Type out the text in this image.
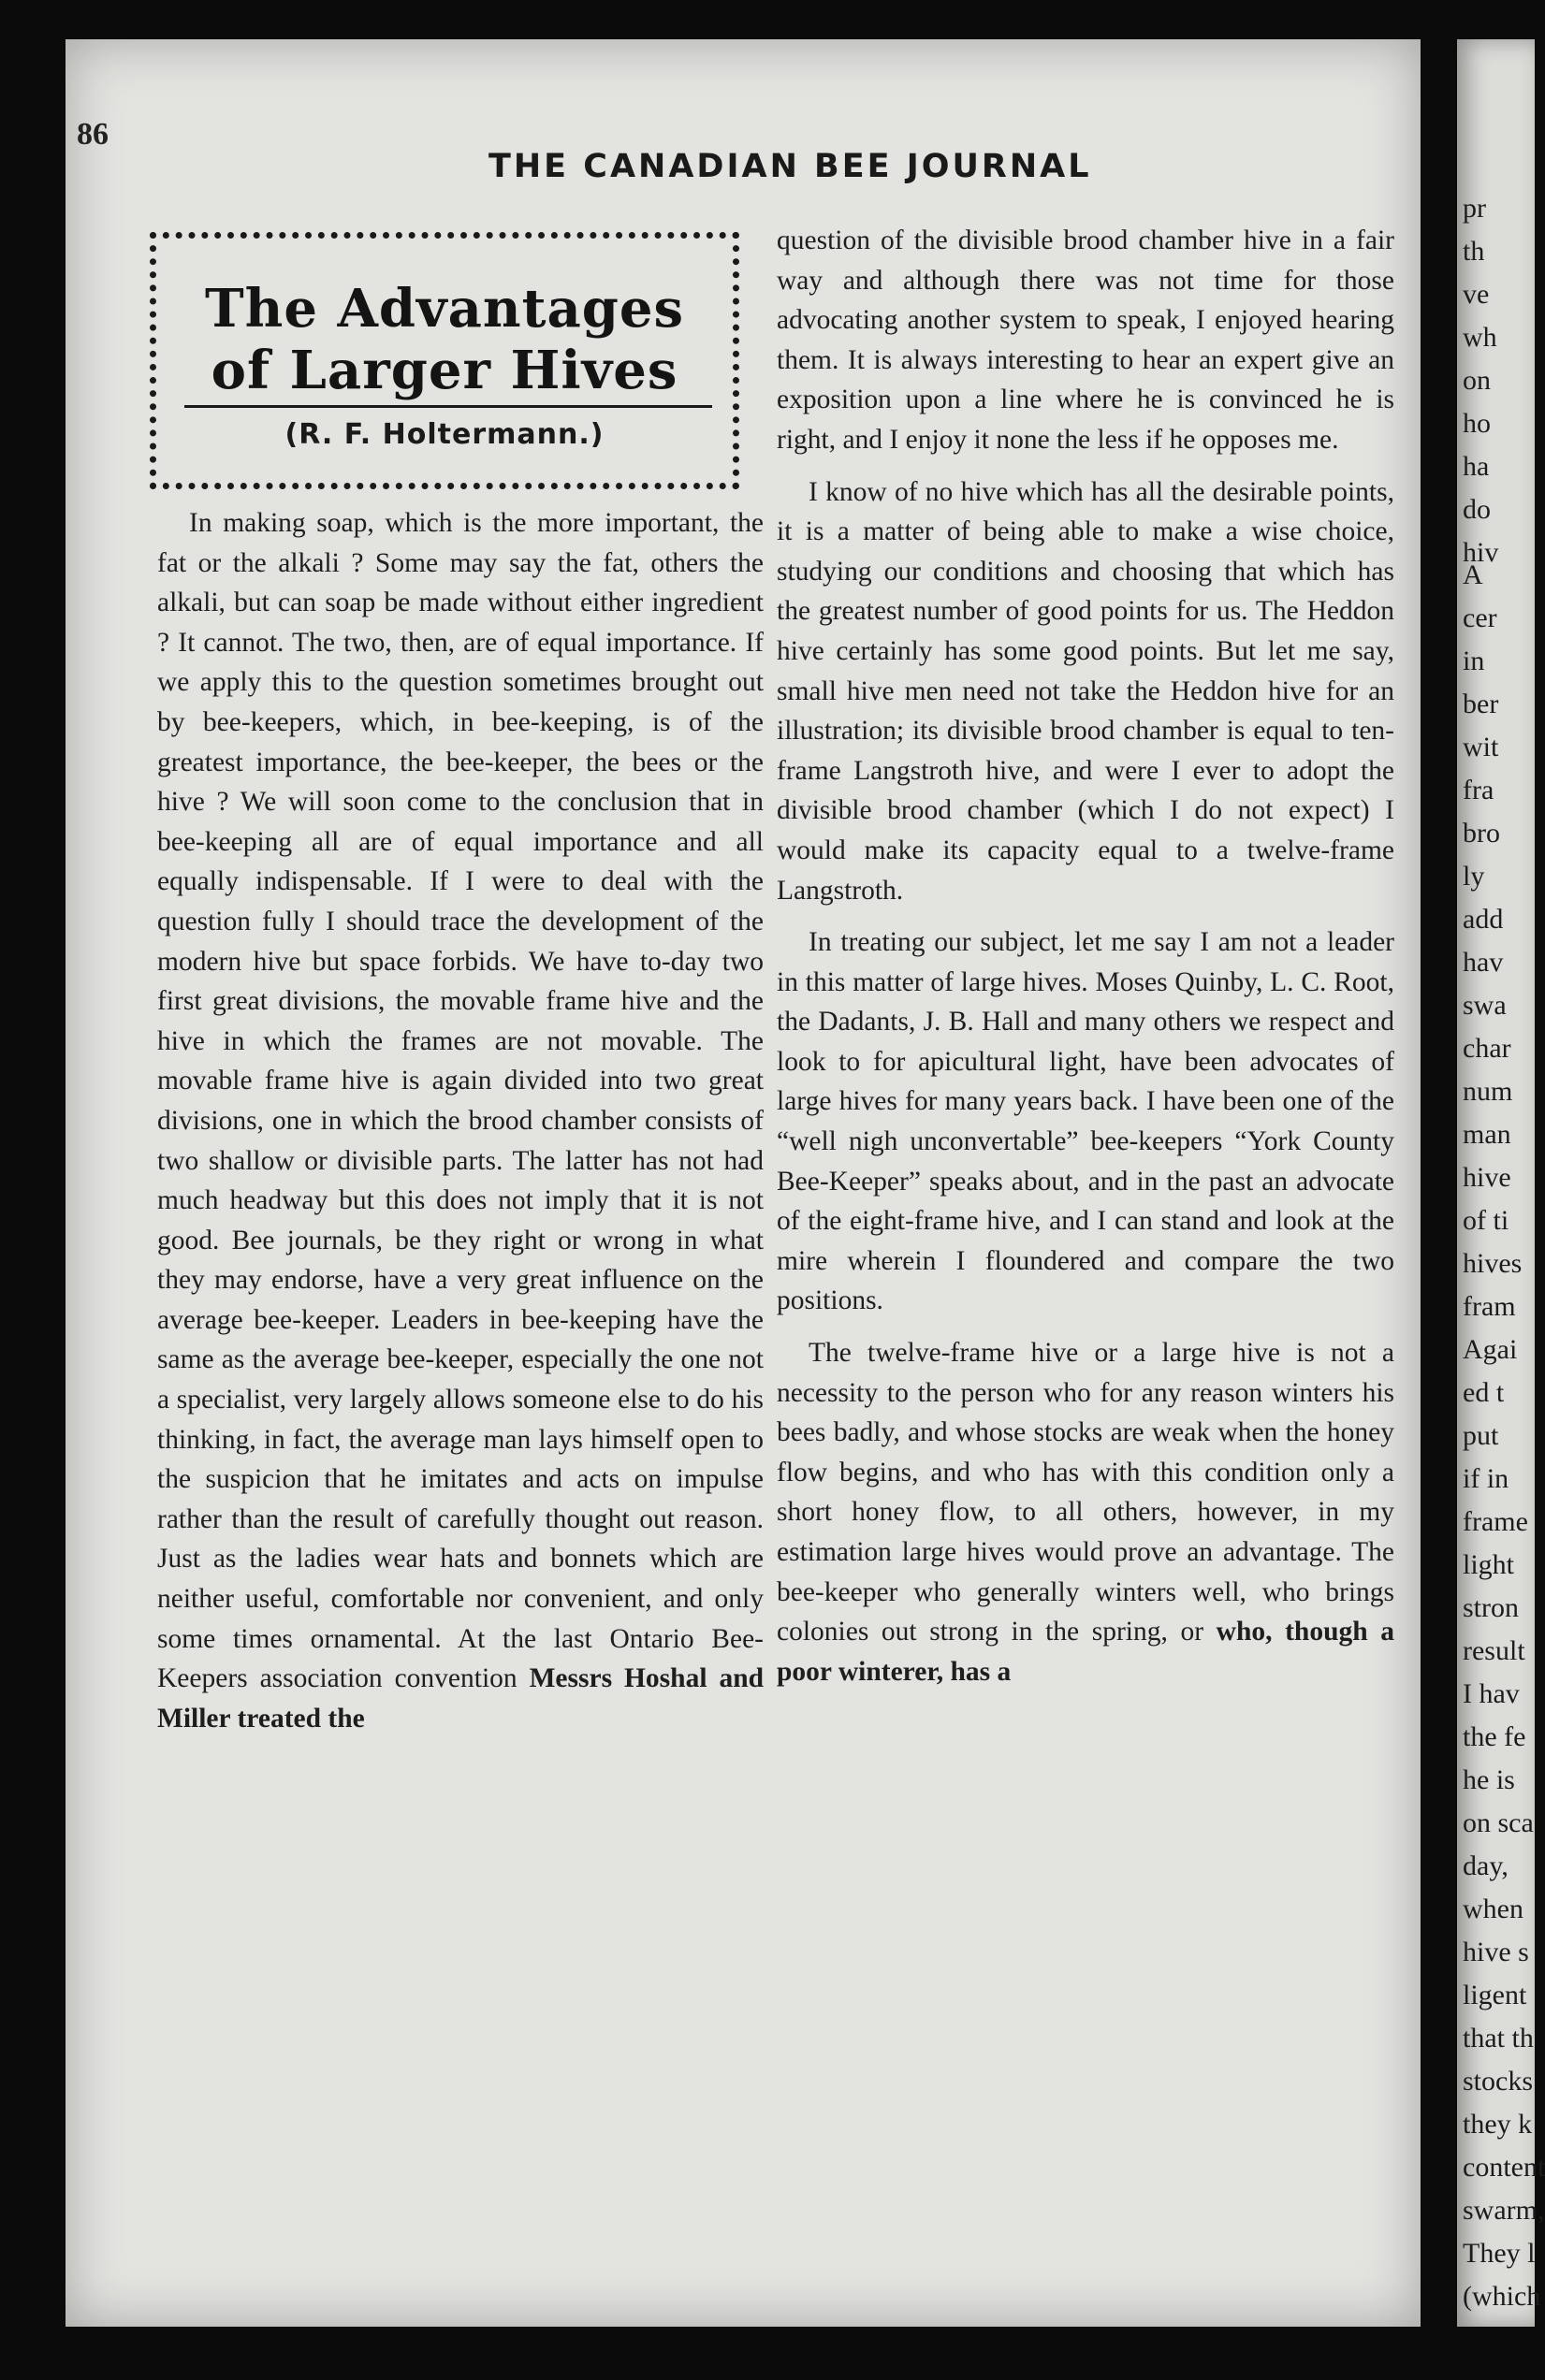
86
THE CANADIAN BEE JOURNAL
The Advantages
of Larger Hives
(R. F. Holtermann.)

In making soap, which is the more important, the fat or the alkali ? Some may say the fat, others the alkali, but can soap be made without either ingredient ? It cannot. The two, then, are of equal importance. If we apply this to the question sometimes brought out by bee-keepers, which, in bee-keeping, is of the greatest importance, the bee-keeper, the bees or the hive ? We will soon come to the conclusion that in bee-keeping all are of equal importance and all equally indispensable. If I were to deal with the question fully I should trace the development of the modern hive but space forbids. We have to-day two first great divisions, the movable frame hive and the hive in which the frames are not movable. The movable frame hive is again divided into two great divisions, one in which the brood chamber consists of two shallow or divisible parts. The latter has not had much headway but this does not imply that it is not good. Bee journals, be they right or wrong in what they may endorse, have a very great influence on the average bee-keeper. Leaders in bee-keeping have the same as the average bee-keeper, especially the one not a specialist, very largely allows someone else to do his thinking, in fact, the average man lays himself open to the suspicion that he imitates and acts on impulse rather than the result of carefully thought out reason. Just as the ladies wear hats and bonnets which are neither useful, comfortable nor convenient, and only some times ornamental. At the last Ontario Bee-Keepers association convention Messrs Hoshal and Miller treated the

question of the divisible brood chamber hive in a fair way and although there was not time for those advocating another system to speak, I enjoyed hearing them. It is always interesting to hear an expert give an exposition upon a line where he is convinced he is right, and I enjoy it none the less if he opposes me.

I know of no hive which has all the desirable points, it is a matter of being able to make a wise choice, studying our conditions and choosing that which has the greatest number of good points for us. The Heddon hive certainly has some good points. But let me say, small hive men need not take the Heddon hive for an illustration; its divisible brood chamber is equal to ten-frame Langstroth hive, and were I ever to adopt the divisible brood chamber (which I do not expect) I would make its capacity equal to a twelve-frame Langstroth.

In treating our subject, let me say I am not a leader in this matter of large hives. Moses Quinby, L. C. Root, the Dadants, J. B. Hall and many others we respect and look to for apicultural light, have been advocates of large hives for many years back. I have been one of the “well nigh unconvertable” bee-keepers “York County Bee-Keeper” speaks about, and in the past an advocate of the eight-frame hive, and I can stand and look at the mire wherein I floundered and compare the two positions.

The twelve-frame hive or a large hive is not a necessity to the person who for any reason winters his bees badly, and whose stocks are weak when the honey flow begins, and who has with this condition only a short honey flow, to all others, however, in my estimation large hives would prove an advantage. The bee-keeper who generally winters well, who brings colonies out strong in the spring, or who, though a poor winterer, has a

pr
th
ve
wh
on
ho
ha
do
hiv
A
cer
in
ber
wit
fra
bro
ly
add
hav
swa
char
num
man
hive
of ti
hives
fram
Agai
ed t
put
if in
frame
light
stron
result
I hav
the fe
he is
on sca
day,
when
hive s
ligent
that th
stocks
they k
content
swarm,
They l
(which
